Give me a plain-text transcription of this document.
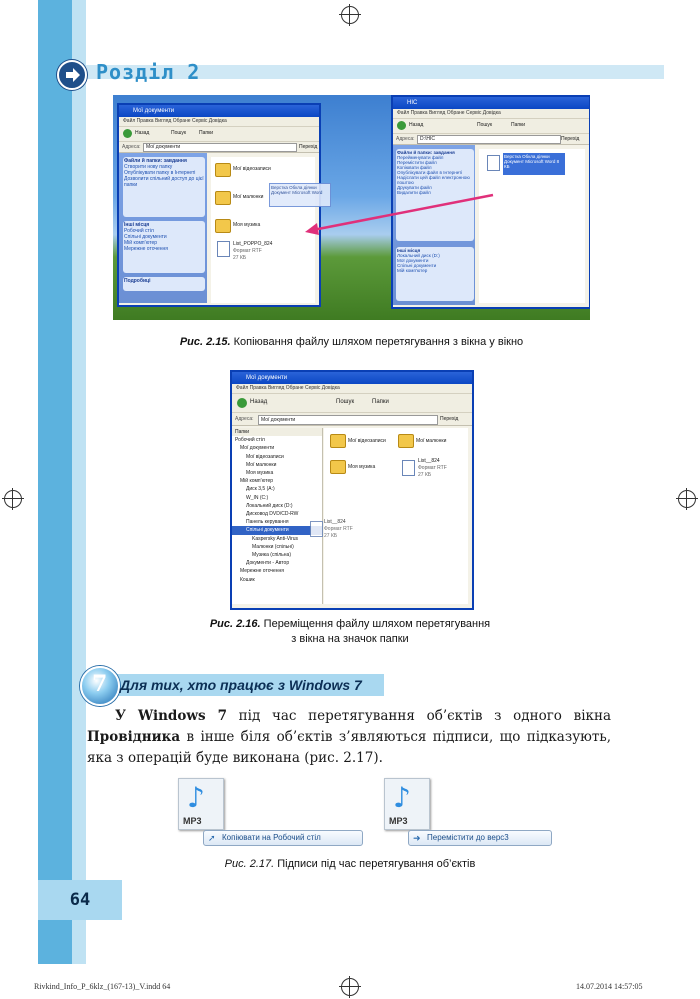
Розділ 2
Мої документи
Файл Правка Вигляд Обране Сервіс Довідка
Назад	Пошук	Папки
Адреса:	Мої документи	Перехід
Файли й папки: завдання
Створити нову папку
Опублікувати папку в Інтернеті
Дозволити спільний доступ до цієї папки
Інші місця
Робочий стіл
Спільні документи
Мій комп'ютер
Мережне оточення
Подробиці
Мої відеозаписи
Мої малюнки
Моя музика
List_POPPO_824
Формат RTF
27 КБ
Верстка Обкла діянки Документ Microsoft Word
НІС
Файл Правка Вигляд Обране Сервіс Довідка
Назад	Пошук	Папки
Адреса:	D:\НІС	Перехід
Файли й папки: завдання
Перейменувати файл
Перемістити файл
Копіювати файл
Опублікувати файл в Інтернеті
Надіслати цей файл електронною поштою
Друкувати файл
Видалити файл
Інші місця
Локальний диск (D:)
Мої документи
Спільні документи
Мій комп'ютер
Верстка Обкла діянки Документ Microsoft Word 8 КБ
Рис. 2.15. Копіювання файлу шляхом перетягування з вікна у вікно
Мої документи
Файл Правка Вигляд Обране Сервіс Довідка
Назад	Пошук	Папки
Адреса:	Мої документи	Перехід
Папки
Робочий стіл
Мої документи
Мої відеозаписи
Мої малюнки
Моя музика
Мій комп'ютер
Диск 3,5 (A:)
W_IN (C:)
Локальний диск (D:)
Дисковод DVD/CD-RW
Панель керування
Спільні документи
Kaspersky Anti-Virus
Малюнки (спільні)
Музика (спільна)
Документи - Автор
Мережне оточення
Кошик
Мої відеозаписи	Мої малюнки
Моя музика
List__824
Формат RTF
27 КБ
List__824
Формат RTF
27 КБ
Рис. 2.16. Переміщення файлу шляхом перетягування
з вікна на значок папки
7 Для тих, хто працює з Windows 7
У Windows 7 під час перетягування об’єктів з одного вікна Провідника в інше біля об’єктів з’являються підписи, що підказують, яка з операцій буде виконана (рис. 2.17).
♪
MP3
➚ Копіювати на Робочий стіл
♪
MP3
➜ Перемістити до верс3
Рис. 2.17. Підписи під час перетягування об’єктів
64
Rivkind_Info_P_6klz_(167-13)_V.indd 64	14.07.2014 14:57:05
